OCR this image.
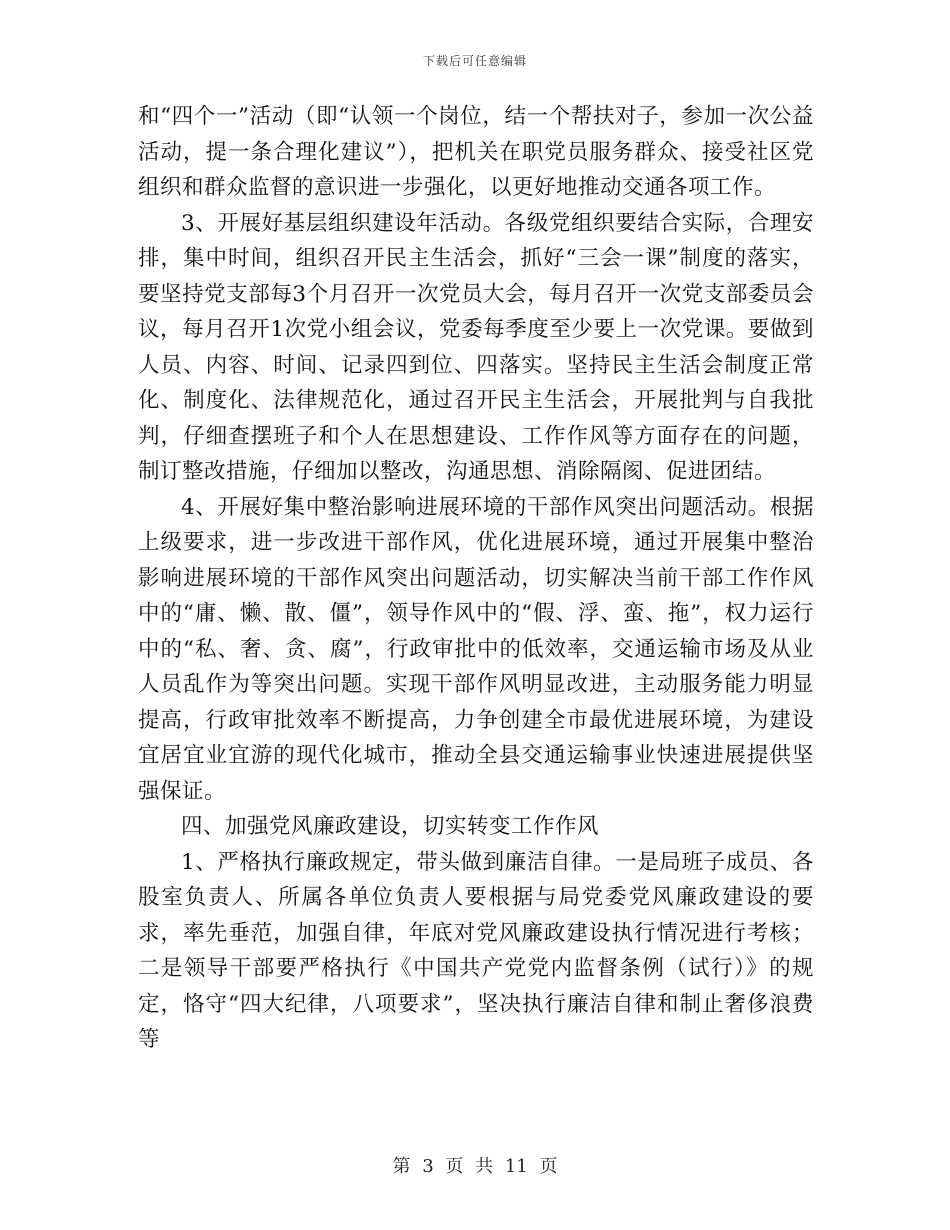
下载后可任意编辑

和“四个一”活动（即“认领一个岗位，结一个帮扶对子，参加一次公益活动，提一条合理化建议”），把机关在职党员服务群众、接受社区党组织和群众监督的意识进一步强化，以更好地推动交通各项工作。

3、开展好基层组织建设年活动。各级党组织要结合实际，合理安排，集中时间，组织召开民主生活会，抓好“三会一课”制度的落实，要坚持党支部每3个月召开一次党员大会，每月召开一次党支部委员会议，每月召开1次党小组会议，党委每季度至少要上一次党课。要做到人员、内容、时间、记录四到位、四落实。坚持民主生活会制度正常化、制度化、法律规范化，通过召开民主生活会，开展批判与自我批判，仔细查摆班子和个人在思想建设、工作作风等方面存在的问题，制订整改措施，仔细加以整改，沟通思想、消除隔阂、促进团结。

4、开展好集中整治影响进展环境的干部作风突出问题活动。根据上级要求，进一步改进干部作风，优化进展环境，通过开展集中整治影响进展环境的干部作风突出问题活动，切实解决当前干部工作作风中的“庸、懒、散、僵”，领导作风中的“假、浮、蛮、拖”，权力运行中的“私、奢、贪、腐”，行政审批中的低效率，交通运输市场及从业人员乱作为等突出问题。实现干部作风明显改进，主动服务能力明显提高，行政审批效率不断提高，力争创建全市最优进展环境，为建设宜居宜业宜游的现代化城市，推动全县交通运输事业快速进展提供坚强保证。

四、加强党风廉政建设，切实转变工作作风

1、严格执行廉政规定，带头做到廉洁自律。一是局班子成员、各股室负责人、所属各单位负责人要根据与局党委党风廉政建设的要求，率先垂范，加强自律，年底对党风廉政建设执行情况进行考核；二是领导干部要严格执行《中国共产党党内监督条例（试行）》的规定，恪守“四大纪律，八项要求”，坚决执行廉洁自律和制止奢侈浪费等

第 3 页 共 11 页
